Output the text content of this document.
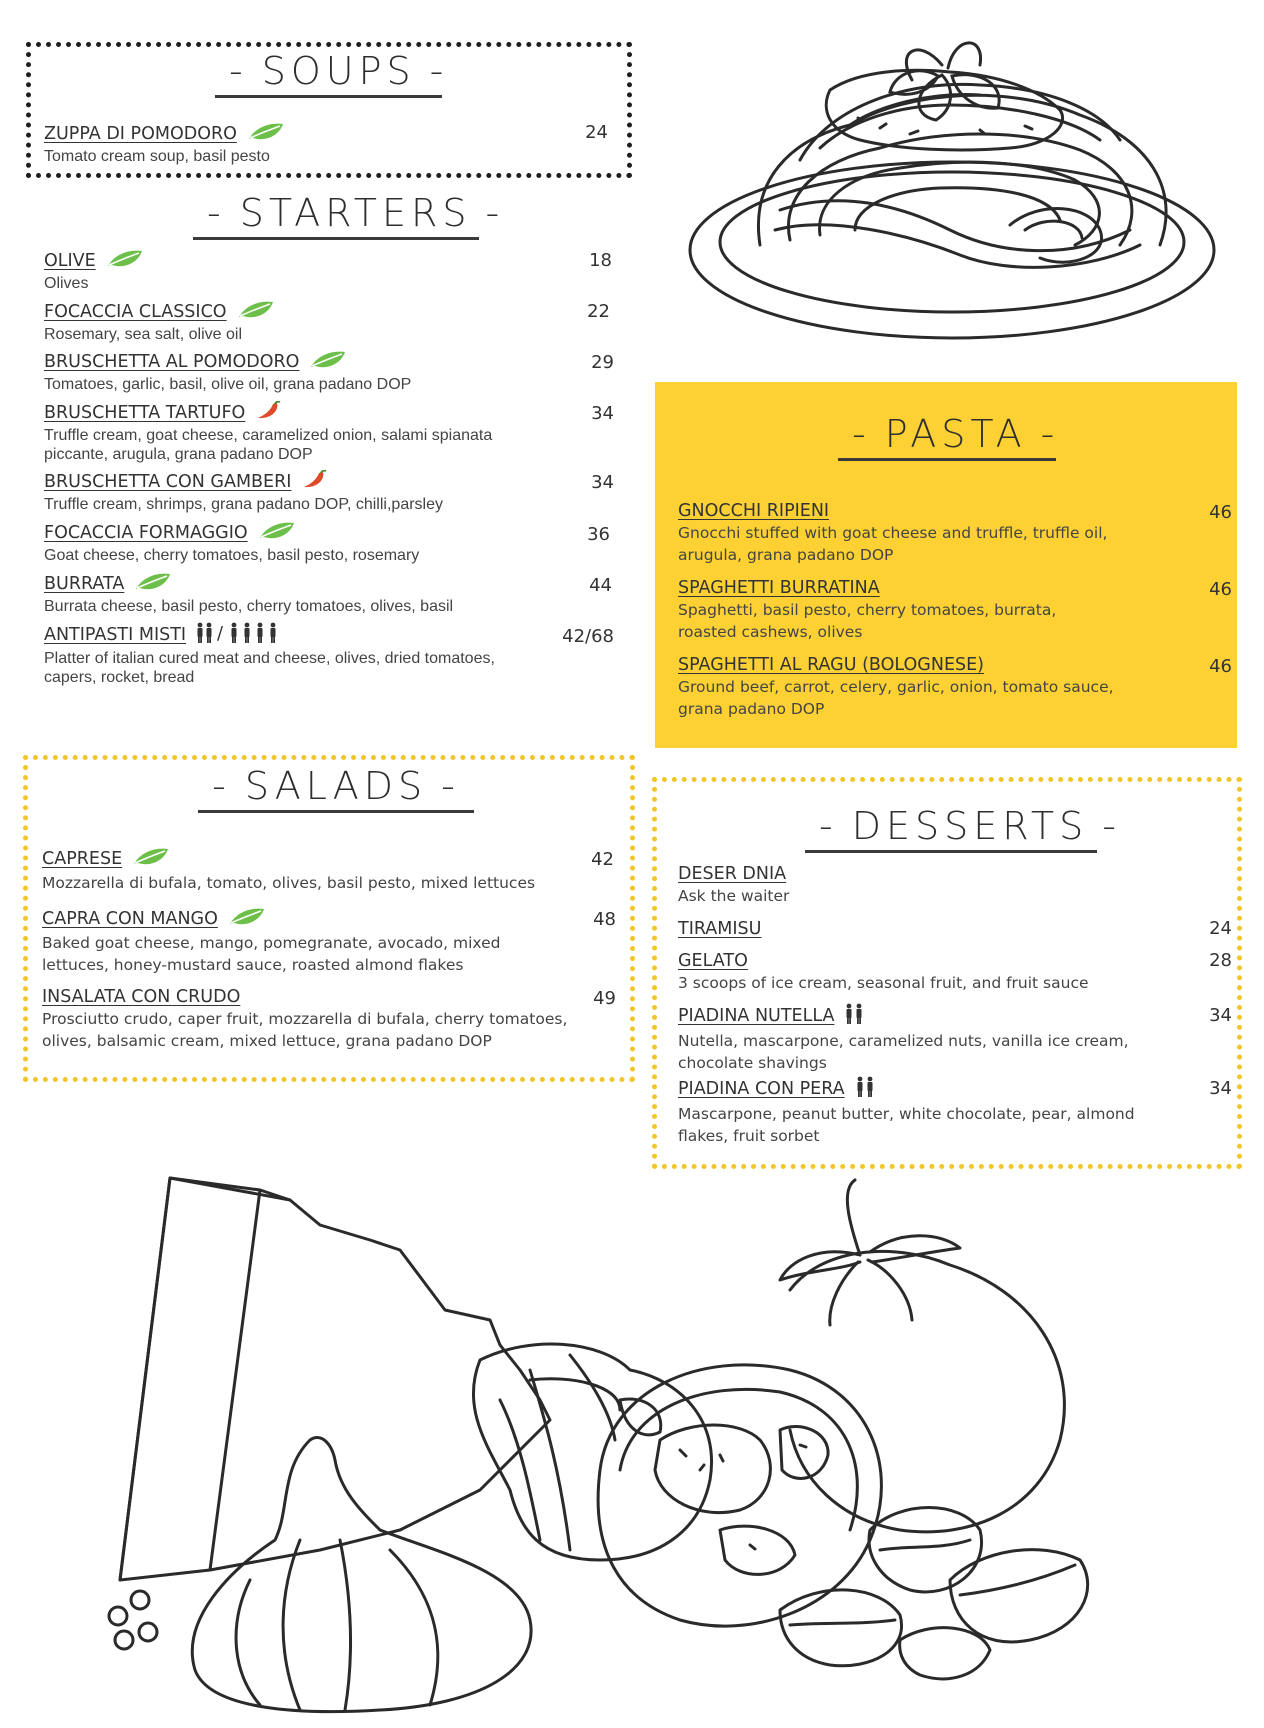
- SOUPS -
- STARTERS -
- PASTA -
- SALADS -
- DESSERTS -
ZUPPA DI POMODORO
Tomato cream soup, basil pesto
24
OLIVE
Olives
18
FOCACCIA CLASSICO
Rosemary, sea salt, olive oil
22
BRUSCHETTA AL POMODORO
Tomatoes, garlic, basil, olive oil, grana padano DOP
29
BRUSCHETTA TARTUFO
Truffle cream, goat cheese, caramelized onion, salami spianata piccante, arugula, grana padano DOP
34
BRUSCHETTA CON GAMBERI
Truffle cream, shrimps, grana padano DOP, chilli,parsley
34
FOCACCIA FORMAGGIO
Goat cheese, cherry tomatoes, basil pesto, rosemary
36
BURRATA
Burrata cheese, basil pesto, cherry tomatoes, olives, basil
44
ANTIPASTI MISTI /
Platter of italian cured meat and cheese, olives, dried tomatoes, capers, rocket, bread
42/68
GNOCCHI RIPIENI
Gnocchi stuffed with goat cheese and truffle, truffle oil, arugula, grana padano DOP
46
SPAGHETTI BURRATINA
Spaghetti, basil pesto, cherry tomatoes, burrata, roasted cashews, olives
46
SPAGHETTI AL RAGU (BOLOGNESE)
Ground beef, carrot, celery, garlic, onion, tomato sauce, grana padano DOP
46
CAPRESE
Mozzarella di bufala, tomato, olives, basil pesto, mixed lettuces
42
CAPRA CON MANGO
Baked goat cheese, mango, pomegranate, avocado, mixed lettuces, honey-mustard sauce, roasted almond flakes
48
INSALATA CON CRUDO
Prosciutto crudo, caper fruit, mozzarella di bufala, cherry tomatoes, olives, balsamic cream, mixed lettuce, grana padano DOP
49
DESER DNIA
Ask the waiter
TIRAMISU	24
GELATO
3 scoops of ice cream, seasonal fruit, and fruit sauce
28
PIADINA NUTELLA
Nutella, mascarpone, caramelized nuts, vanilla ice cream, chocolate shavings
34
PIADINA CON PERA
Mascarpone, peanut butter, white chocolate, pear, almond flakes, fruit sorbet
34
